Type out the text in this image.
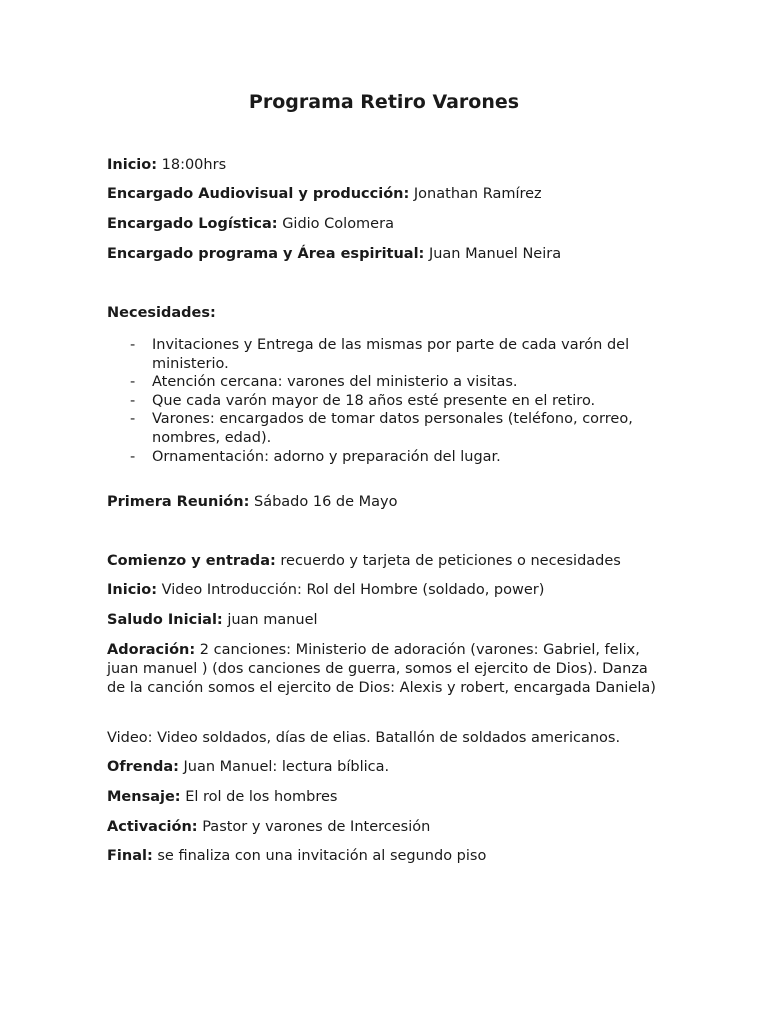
Programa Retiro Varones

Inicio: 18:00hrs

Encargado Audiovisual y producción: Jonathan Ramírez

Encargado Logística: Gidio Colomera

Encargado programa y Área espiritual: Juan Manuel Neira

Necesidades:

- Invitaciones y Entrega de las mismas por parte de cada varón del ministerio.
- Atención cercana: varones del ministerio a visitas.
- Que cada varón mayor de 18 años esté presente en el retiro.
- Varones: encargados de tomar datos personales (teléfono, correo, nombres, edad).
- Ornamentación: adorno y preparación del lugar.

Primera Reunión: Sábado 16 de Mayo

Comienzo y entrada: recuerdo y tarjeta de peticiones o necesidades

Inicio: Video Introducción: Rol del Hombre (soldado, power)

Saludo Inicial: juan manuel

Adoración: 2 canciones: Ministerio de adoración (varones: Gabriel, felix, juan manuel ) (dos canciones de guerra, somos el ejercito de Dios). Danza de la canción somos el ejercito de Dios: Alexis y robert, encargada Daniela)

Video: Video soldados, días de elias. Batallón de soldados americanos.

Ofrenda: Juan Manuel: lectura bíblica.

Mensaje: El rol de los hombres

Activación: Pastor y varones de Intercesión

Final: se finaliza con una invitación al segundo piso
